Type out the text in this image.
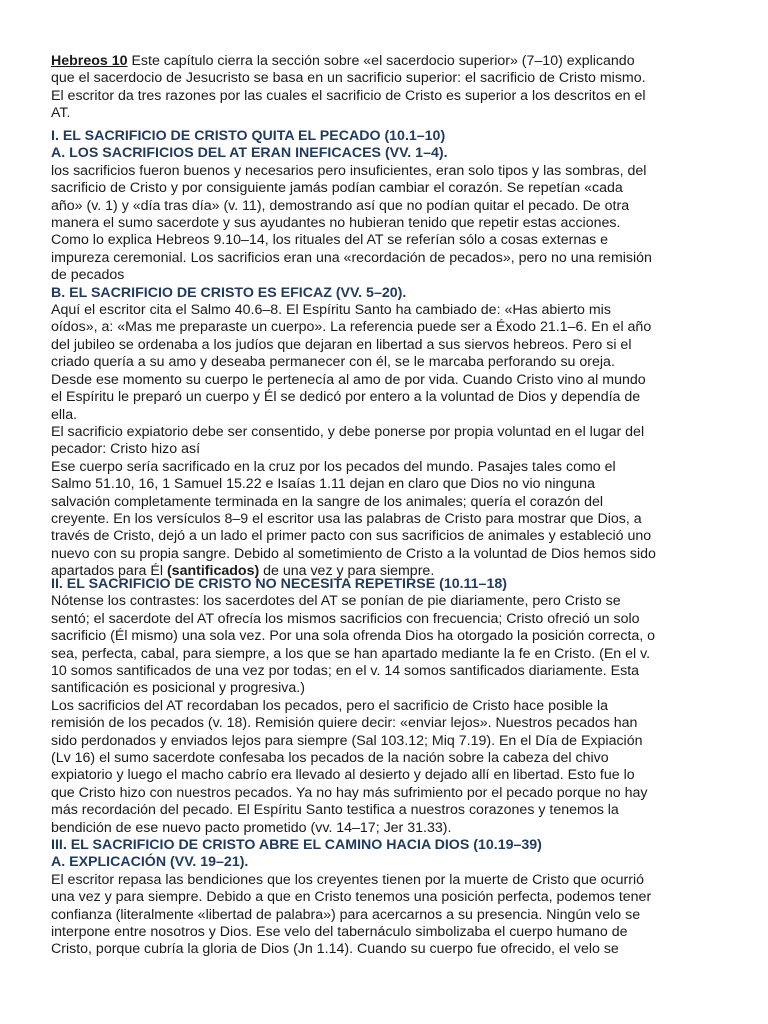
Hebreos 10 Este capítulo cierra la sección sobre «el sacerdocio superior» (7–10) explicando
que el sacerdocio de Jesucristo se basa en un sacrificio superior: el sacrificio de Cristo mismo.
El escritor da tres razones por las cuales el sacrificio de Cristo es superior a los descritos en el
AT.

I. EL SACRIFICIO DE CRISTO QUITA EL PECADO (10.1–10)
A. LOS SACRIFICIOS DEL AT ERAN INEFICACES (VV. 1–4).
los sacrificios fueron buenos y necesarios pero insuficientes, eran solo tipos y las sombras, del
sacrificio de Cristo y por consiguiente jamás podían cambiar el corazón. Se repetían «cada
año» (v. 1) y «día tras día» (v. 11), demostrando así que no podían quitar el pecado. De otra
manera el sumo sacerdote y sus ayudantes no hubieran tenido que repetir estas acciones.
Como lo explica Hebreos 9.10–14, los rituales del AT se referían sólo a cosas externas e
impureza ceremonial. Los sacrificios eran una «recordación de pecados», pero no una remisión
de pecados
B. EL SACRIFICIO DE CRISTO ES EFICAZ (VV. 5–20).
Aquí el escritor cita el Salmo 40.6–8. El Espíritu Santo ha cambiado de: «Has abierto mis
oídos», a: «Mas me preparaste un cuerpo». La referencia puede ser a Éxodo 21.1–6. En el año
del jubileo se ordenaba a los judíos que dejaran en libertad a sus siervos hebreos. Pero si el
criado quería a su amo y deseaba permanecer con él, se le marcaba perforando su oreja.
Desde ese momento su cuerpo le pertenecía al amo de por vida. Cuando Cristo vino al mundo
el Espíritu le preparó un cuerpo y Él se dedicó por entero a la voluntad de Dios y dependía de
ella.
El sacrificio expiatorio debe ser consentido, y debe ponerse por propia voluntad en el lugar del
pecador: Cristo hizo así
Ese cuerpo sería sacrificado en la cruz por los pecados del mundo. Pasajes tales como el
Salmo 51.10, 16, 1 Samuel 15.22 e Isaías 1.11 dejan en claro que Dios no vio ninguna
salvación completamente terminada en la sangre de los animales; quería el corazón del
creyente. En los versículos 8–9 el escritor usa las palabras de Cristo para mostrar que Dios, a
través de Cristo, dejó a un lado el primer pacto con sus sacrificios de animales y estableció uno
nuevo con su propia sangre. Debido al sometimiento de Cristo a la voluntad de Dios hemos sido
apartados para Él (santificados) de una vez y para siempre.

II. EL SACRIFICIO DE CRISTO NO NECESITA REPETIRSE (10.11–18)
Nótense los contrastes: los sacerdotes del AT se ponían de pie diariamente, pero Cristo se
sentó; el sacerdote del AT ofrecía los mismos sacrificios con frecuencia; Cristo ofreció un solo
sacrificio (Él mismo) una sola vez. Por una sola ofrenda Dios ha otorgado la posición correcta, o
sea, perfecta, cabal, para siempre, a los que se han apartado mediante la fe en Cristo. (En el v.
10 somos santificados de una vez por todas; en el v. 14 somos santificados diariamente. Esta
santificación es posicional y progresiva.)
Los sacrificios del AT recordaban los pecados, pero el sacrificio de Cristo hace posible la
remisión de los pecados (v. 18). Remisión quiere decir: «enviar lejos». Nuestros pecados han
sido perdonados y enviados lejos para siempre (Sal 103.12; Miq 7.19). En el Día de Expiación
(Lv 16) el sumo sacerdote confesaba los pecados de la nación sobre la cabeza del chivo
expiatorio y luego el macho cabrío era llevado al desierto y dejado allí en libertad. Esto fue lo
que Cristo hizo con nuestros pecados. Ya no hay más sufrimiento por el pecado porque no hay
más recordación del pecado. El Espíritu Santo testifica a nuestros corazones y tenemos la
bendición de ese nuevo pacto prometido (vv. 14–17; Jer 31.33).

III. EL SACRIFICIO DE CRISTO ABRE EL CAMINO HACIA DIOS (10.19–39)
A. EXPLICACIÓN (VV. 19–21).
El escritor repasa las bendiciones que los creyentes tienen por la muerte de Cristo que ocurrió
una vez y para siempre. Debido a que en Cristo tenemos una posición perfecta, podemos tener
confianza (literalmente «libertad de palabra») para acercarnos a su presencia. Ningún velo se
interpone entre nosotros y Dios. Ese velo del tabernáculo simbolizaba el cuerpo humano de
Cristo, porque cubría la gloria de Dios (Jn 1.14). Cuando su cuerpo fue ofrecido, el velo se
